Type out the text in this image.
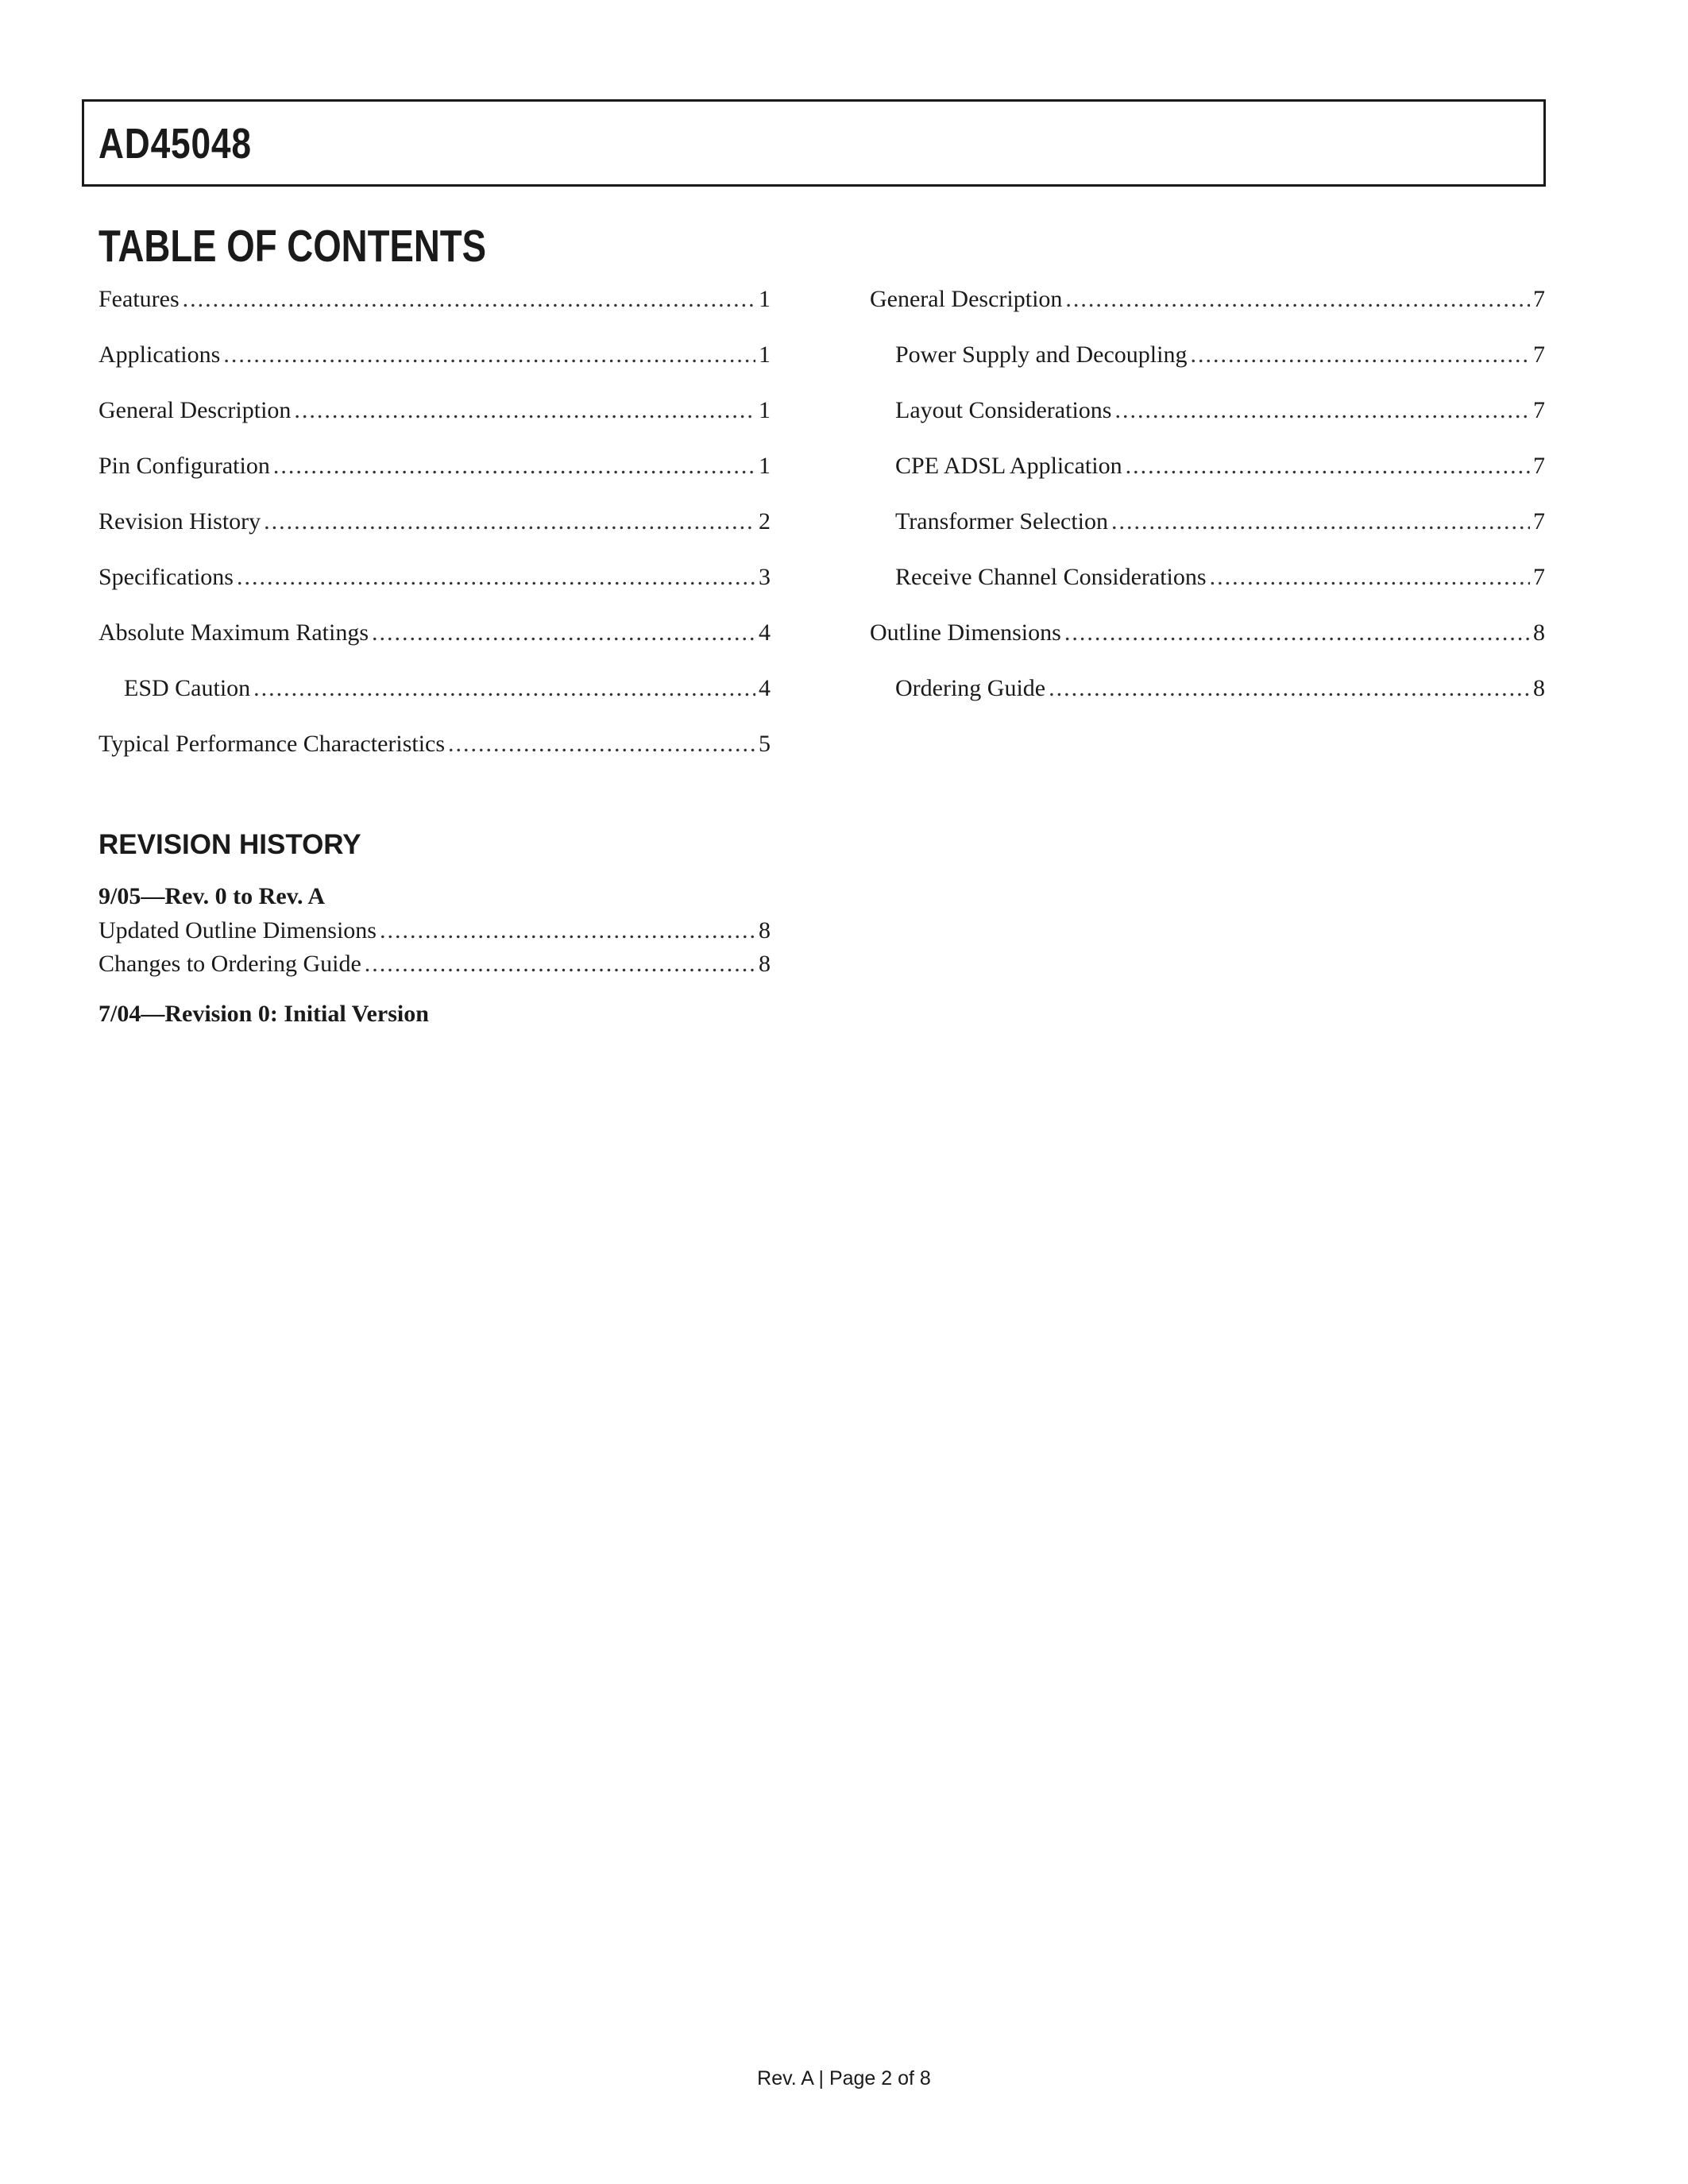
AD45048
TABLE OF CONTENTS
Features .....	1
Applications .....	1
General Description .....	1
Pin Configuration .....	1
Revision History .....	2
Specifications .....	3
Absolute Maximum Ratings .....	4
ESD Caution .....	4
Typical Performance Characteristics .....	5
General Description .....	7
Power Supply and Decoupling .....	7
Layout Considerations .....	7
CPE ADSL Application .....	7
Transformer Selection .....	7
Receive Channel Considerations .....	7
Outline Dimensions .....	8
Ordering Guide .....	8
REVISION HISTORY

9/05—Rev. 0 to Rev. A

Updated Outline Dimensions .....	8
Changes to Ordering Guide .....	8

7/04—Revision 0: Initial Version

Rev. A | Page 2 of 8
